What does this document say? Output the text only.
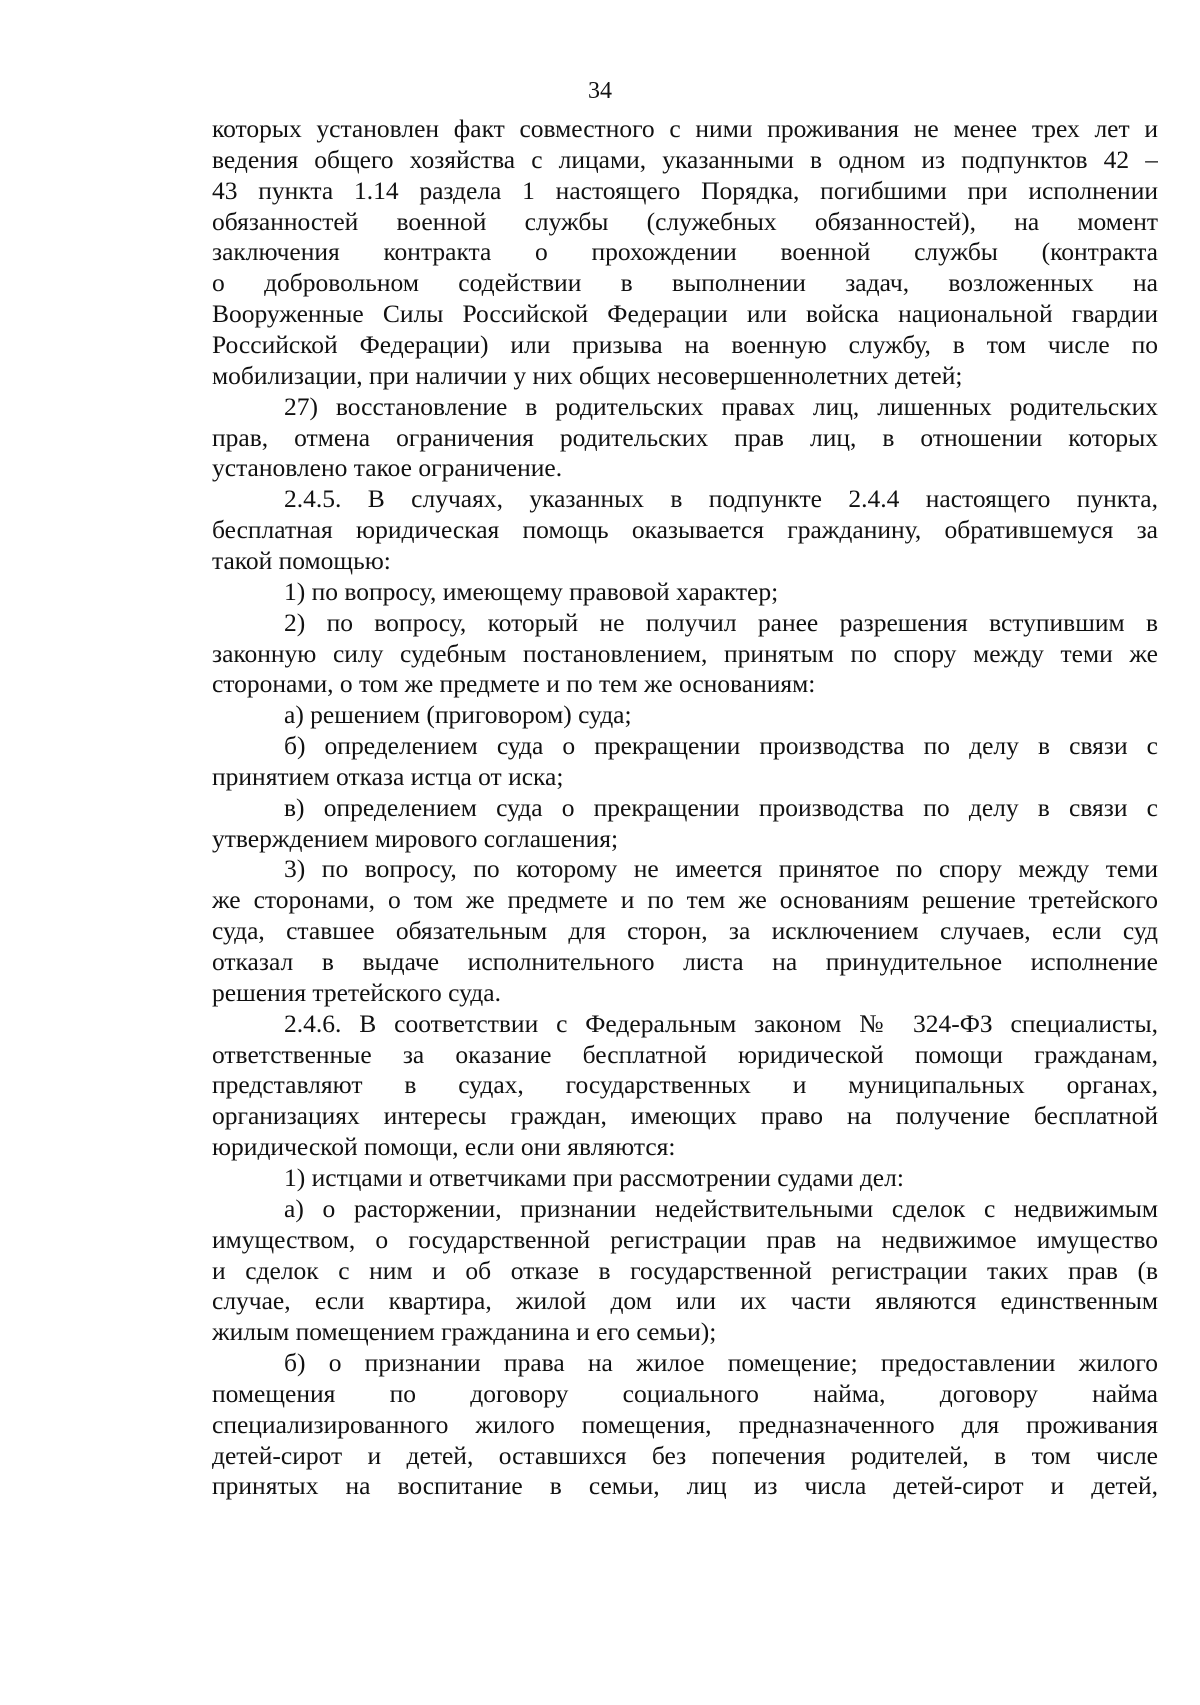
34
которых установлен факт совместного с ними проживания не менее трех лет и
ведения общего хозяйства с лицами, указанными в одном из подпунктов 42 –
43 пункта 1.14 раздела 1 настоящего Порядка, погибшими при исполнении
обязанностей военной службы (служебных обязанностей), на момент
заключения контракта о прохождении военной службы (контракта
о добровольном содействии в выполнении задач, возложенных на
Вооруженные Силы Российской Федерации или войска национальной гвардии
Российской Федерации) или призыва на военную службу, в том числе по
мобилизации, при наличии у них общих несовершеннолетних детей;
27) восстановление в родительских правах лиц, лишенных родительских
прав, отмена ограничения родительских прав лиц, в отношении которых
установлено такое ограничение.
2.4.5. В случаях, указанных в подпункте 2.4.4 настоящего пункта,
бесплатная юридическая помощь оказывается гражданину, обратившемуся за
такой помощью:
1) по вопросу, имеющему правовой характер;
2) по вопросу, который не получил ранее разрешения вступившим в
законную силу судебным постановлением, принятым по спору между теми же
сторонами, о том же предмете и по тем же основаниям:
а) решением (приговором) суда;
б) определением суда о прекращении производства по делу в связи с
принятием отказа истца от иска;
в) определением суда о прекращении производства по делу в связи с
утверждением мирового соглашения;
3) по вопросу, по которому не имеется принятое по спору между теми
же сторонами, о том же предмете и по тем же основаниям решение третейского
суда, ставшее обязательным для сторон, за исключением случаев, если суд
отказал в выдаче исполнительного листа на принудительное исполнение
решения третейского суда.
2.4.6. В соответствии с Федеральным законом № 324-ФЗ специалисты,
ответственные за оказание бесплатной юридической помощи гражданам,
представляют в судах, государственных и муниципальных органах,
организациях интересы граждан, имеющих право на получение бесплатной
юридической помощи, если они являются:
1) истцами и ответчиками при рассмотрении судами дел:
а) о расторжении, признании недействительными сделок с недвижимым
имуществом, о государственной регистрации прав на недвижимое имущество
и сделок с ним и об отказе в государственной регистрации таких прав (в
случае, если квартира, жилой дом или их части являются единственным
жилым помещением гражданина и его семьи);
б) о признании права на жилое помещение; предоставлении жилого
помещения по договору социального найма, договору найма
специализированного жилого помещения, предназначенного для проживания
детей-сирот и детей, оставшихся без попечения родителей, в том числе
принятых на воспитание в семьи, лиц из числа детей-сирот и детей,
